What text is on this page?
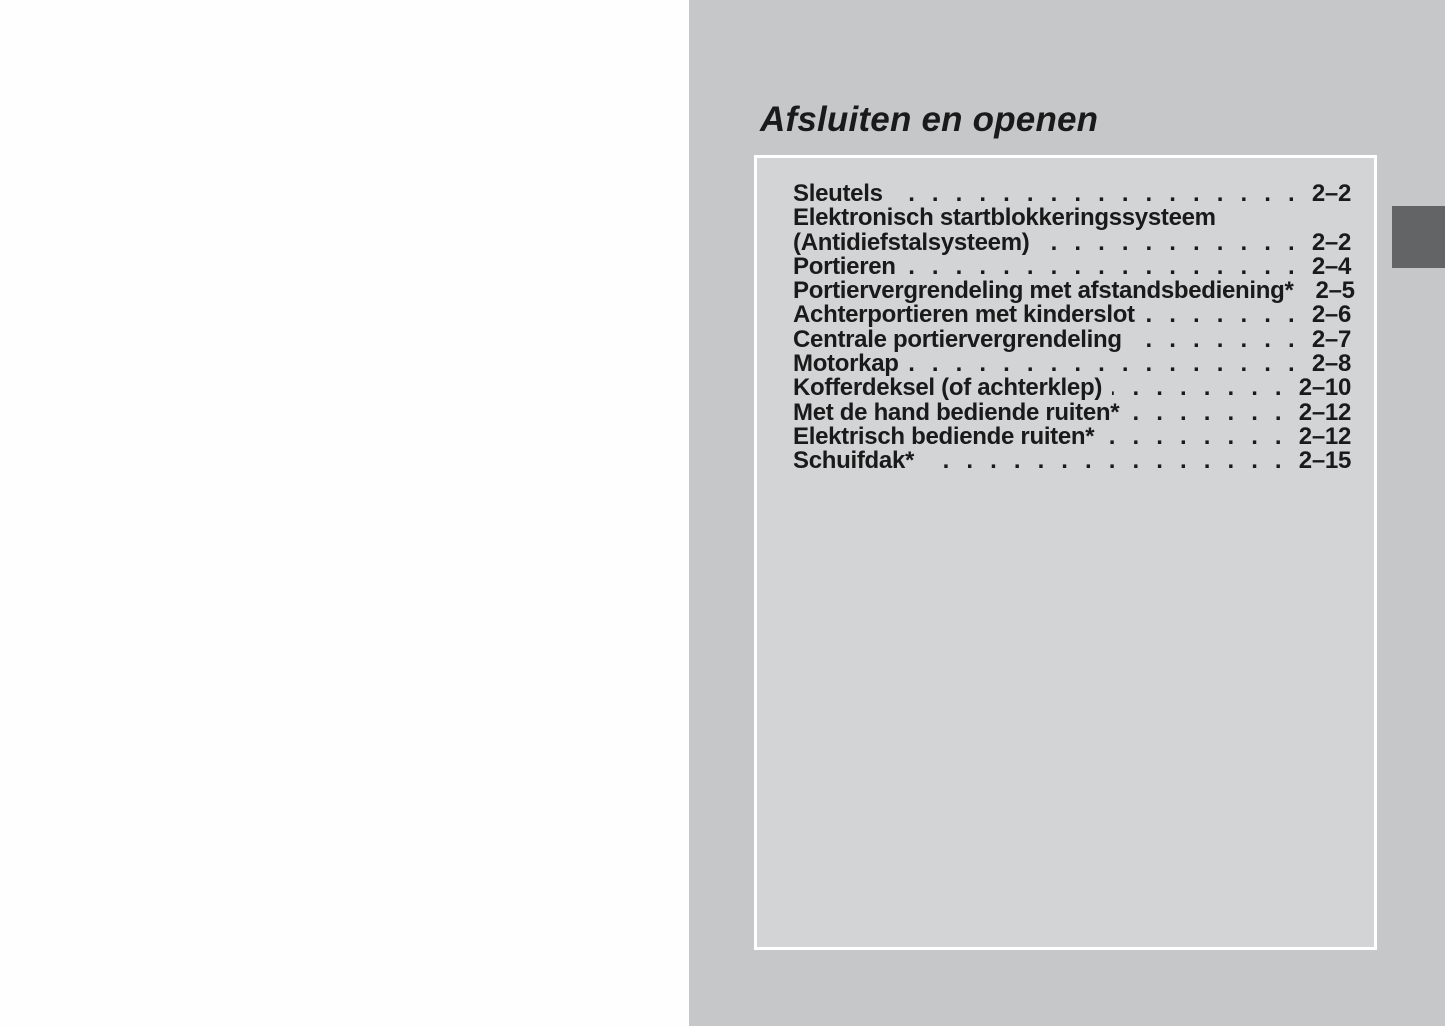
Afsluiten en openen
Sleutels . . .	2–2
Elektronisch startblokkeringssysteem
(Antidiefstalsysteem) . . .	2–2
Portieren . . .	2–4
Portiervergrendeling met afstandsbediening* 2–5
Achterportieren met kinderslot . . .	2–6
Centrale portiervergrendeling . . .	2–7
Motorkap . . .	2–8
Kofferdeksel (of achterklep) . . .	2–10
Met de hand bediende ruiten* . . .	2–12
Elektrisch bediende ruiten* . . .	2–12
Schuifdak* . . .	2–15
